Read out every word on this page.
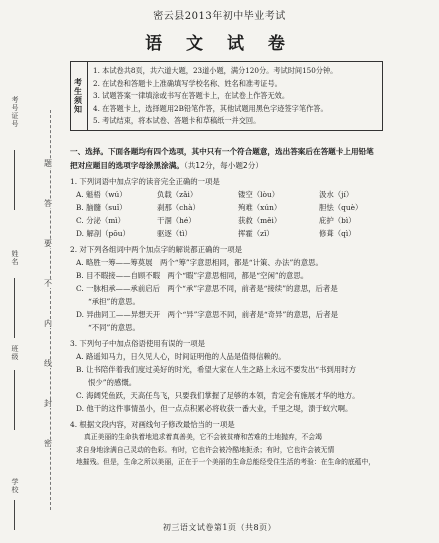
考号证号
姓名
班级
学校
题
答
要
不
内
线
封
密
密云县2013年初中毕业考试
语 文 试 卷
考生须知
1. 本试卷共8页，共六道大题，23道小题，满分120分。考试时间150分钟。
2. 在试卷和答题卡上准确填写学校名称、姓名和准考证号。
3. 试题答案一律填涂或书写在答题卡上，在试卷上作答无效。
4. 在答题卡上，选择题用2B铅笔作答，其他试题用黑色字迹签字笔作答。
5. 考试结束，将本试卷、答题卡和草稿纸一并交回。
一、选择。下面各题均有四个选项，其中只有一个符合题意，选出答案后在答题卡上用铅笔
把对应题目的选项字母涂黑涂满。（共12分，每小题2分）
1. 下列词语中加点字的读音完全正确的一项是
A. 魁梧（wú）	负载（zǎi）	镂空（lòu）	汲水（jí）
B. 脑髓（suǐ）	刹那（chà）	殉难（xún）	胆怯（què）
C. 分泌（mì）	干涸（hé）	获救（měi）	庇护（bì）
D. 解剖（pōu）	驱逐（tì）	挥霍（zǐ）	修葺（qì）
2. 对下列各组词中两个加点字的解说都正确的一项是
A. 略胜一筹——筹莫展　两个“筹”字意思相同，都是“计策、办法”的意思。
B. 目不暇接——自顾不暇　两个“暇”字意思相同，都是“空闲”的意思。
C. 一脉相承——承前启后　两个“承”字意思不同，前者是“接续”的意思，后者是
“承担”的意思。
D. 异曲同工——异想天开　两个“异”字意思不同，前者是“奇异”的意思，后者是
“不同”的意思。
3. 下列句子中加点俗语使用有误的一项是
A. 路遥知马力，日久见人心，时间证明他的人品是值得信赖的。
B. 让书陪伴着我们度过美好的时光，希望大家在人生之路上永远不要发出“书到用时方
恨少”的感慨。
C. 海阔凭鱼跃，天高任鸟飞，只要我们掌握了足够的本领，肯定会有施展才华的地方。
D. 他干的这件事情虽小，但一点点积累必将收获一番大业，千里之堤，溃于蚁穴啊。
4. 根据文段内容，对画线句子修改最恰当的一项是
真正美丽的生命执着地追求着真善美，它不会被贫瘠和苦难的土地抛弃，不会竭
求自身地涂满自己灵动的色彩。有时，它也许会被冷酷地扼杀；有时，它也许会被无情
地摧残。但是，生命之所以美丽，正在于一个美丽的生命总能经受住生活的考验：在生命的底蕴中，
初三语文试卷第1页（共8页）
